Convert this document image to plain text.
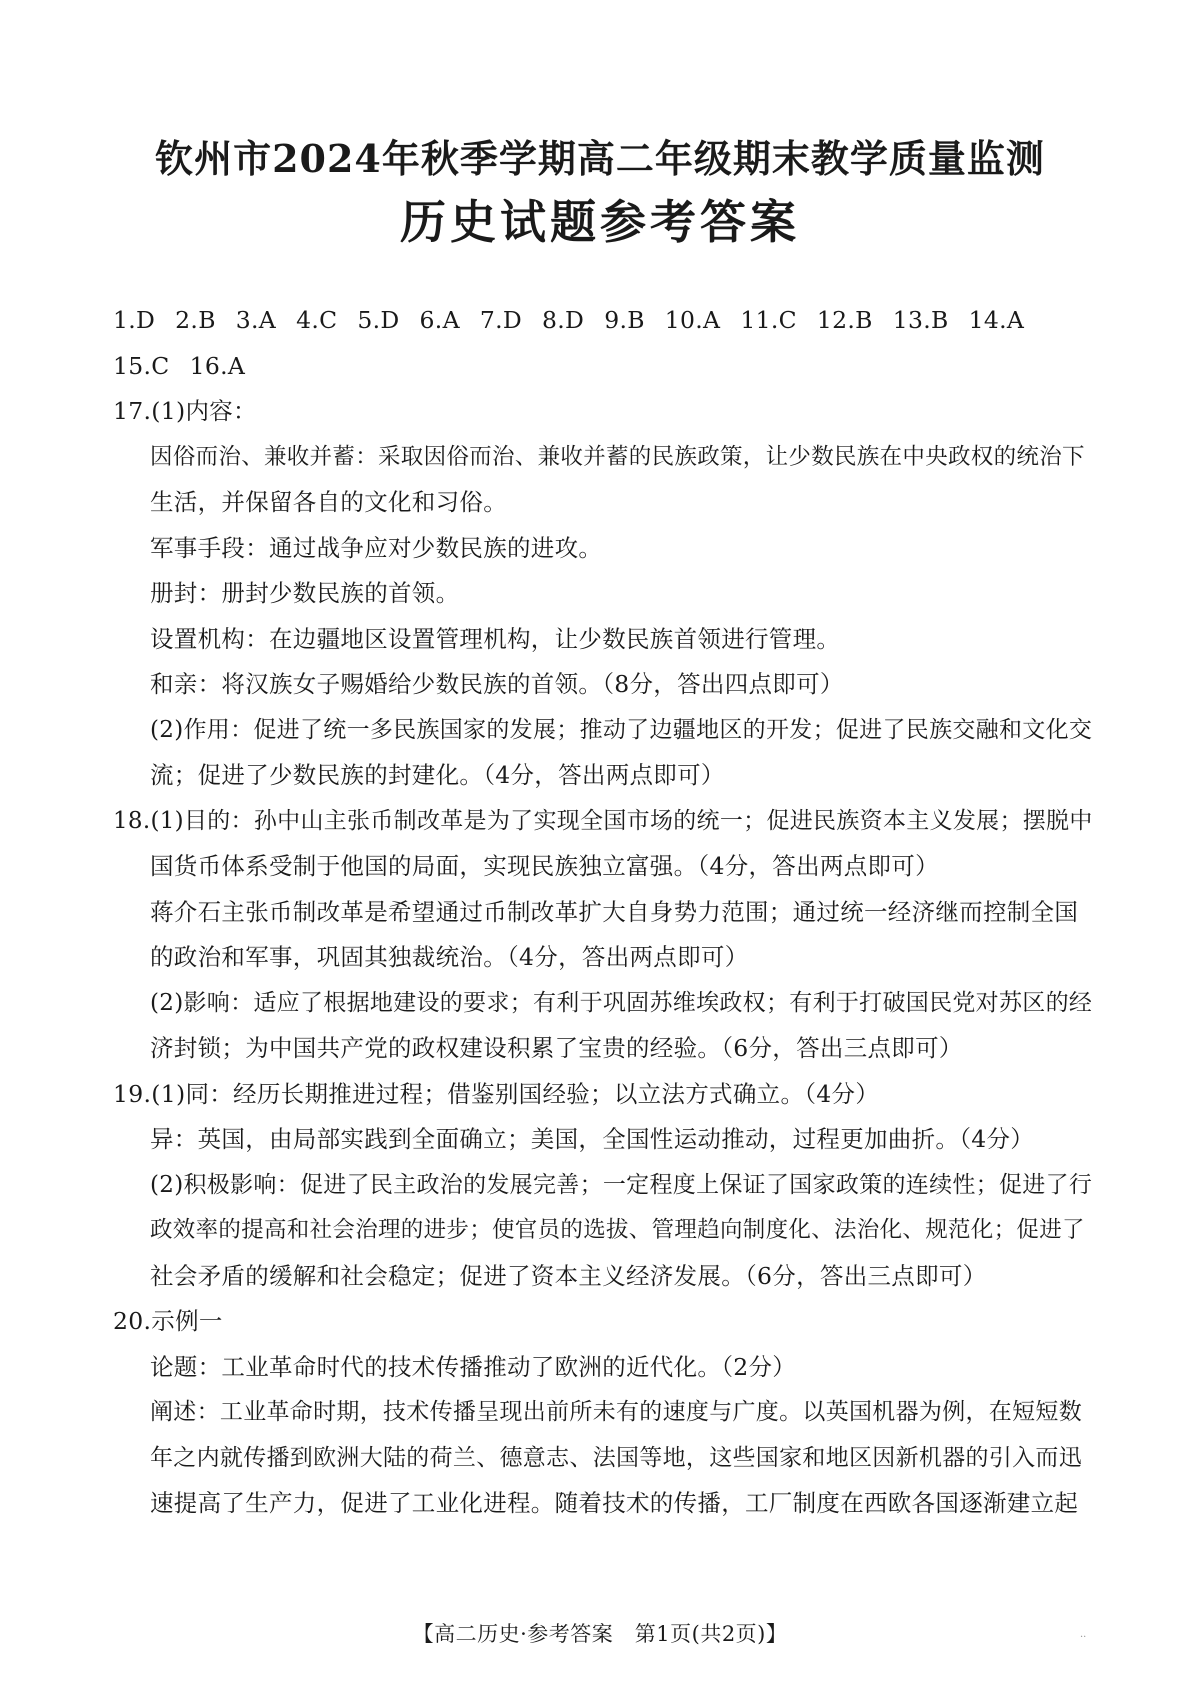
钦州市2024年秋季学期高二年级期末教学质量监测
历史试题参考答案
1.D 2.B 3.A 4.C 5.D 6.A 7.D 8.D 9.B 10.A 11.C 12.B 13.B 14.A
15.C 16.A
17.(1)内容：
因俗而治、兼收并蓄：采取因俗而治、兼收并蓄的民族政策，让少数民族在中央政权的统治下
生活，并保留各自的文化和习俗。
军事手段：通过战争应对少数民族的进攻。
册封：册封少数民族的首领。
设置机构：在边疆地区设置管理机构，让少数民族首领进行管理。
和亲：将汉族女子赐婚给少数民族的首领。（8分，答出四点即可）
(2)作用：促进了统一多民族国家的发展；推动了边疆地区的开发；促进了民族交融和文化交
流；促进了少数民族的封建化。（4分，答出两点即可）
18.(1)目的：孙中山主张币制改革是为了实现全国市场的统一；促进民族资本主义发展；摆脱中
国货币体系受制于他国的局面，实现民族独立富强。（4分，答出两点即可）
蒋介石主张币制改革是希望通过币制改革扩大自身势力范围；通过统一经济继而控制全国
的政治和军事，巩固其独裁统治。（4分，答出两点即可）
(2)影响：适应了根据地建设的要求；有利于巩固苏维埃政权；有利于打破国民党对苏区的经
济封锁；为中国共产党的政权建设积累了宝贵的经验。（6分，答出三点即可）
19.(1)同：经历长期推进过程；借鉴别国经验；以立法方式确立。（4分）
异：英国，由局部实践到全面确立；美国，全国性运动推动，过程更加曲折。（4分）
(2)积极影响：促进了民主政治的发展完善；一定程度上保证了国家政策的连续性；促进了行
政效率的提高和社会治理的进步；使官员的选拔、管理趋向制度化、法治化、规范化；促进了
社会矛盾的缓解和社会稳定；促进了资本主义经济发展。（6分，答出三点即可）
20.示例一
论题：工业革命时代的技术传播推动了欧洲的近代化。（2分）
阐述：工业革命时期，技术传播呈现出前所未有的速度与广度。以英国机器为例，在短短数
年之内就传播到欧洲大陆的荷兰、德意志、法国等地，这些国家和地区因新机器的引入而迅
速提高了生产力，促进了工业化进程。随着技术的传播，工厂制度在西欧各国逐渐建立起
【高二历史·参考答案　第1页(共2页)】	··
